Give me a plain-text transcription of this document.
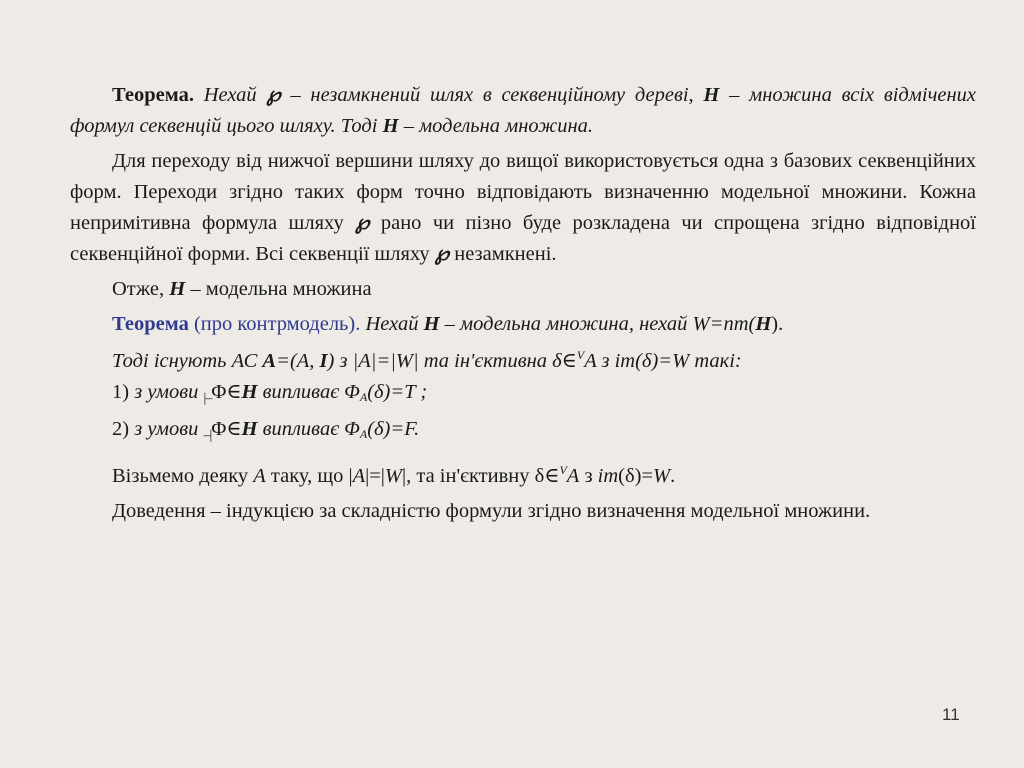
Теорема. Нехай ℘ – незамкнений шлях в секвенційному дереві, H – множина всіх відмічених формул секвенцій цього шляху. Тоді H – модельна множина.

Для переходу від нижчої вершини шляху до вищої використовується одна з базових секвенційних форм. Переходи згідно таких форм точно відповідають визначенню модельної множини. Кожна непримітивна формула шляху ℘ рано чи пізно буде розкладена чи спрощена згідно відповідної секвенційної форми. Всі секвенції шляху ℘ незамкнені.

Отже, H – модельна множина

Теорема (про контрмодель). Нехай H – модельна множина, нехай W=nm(H).

Тоді існують АС A=(A, I) з |A|=|W| та ін'єктивна δ∈$^V$A з im(δ)=W такі:

1) з умови |–Φ∈H випливає $\Phi_A(\delta)=T$ ;

2) з умови –|Φ∈H випливає $\Phi_A(\delta)=F$.

Візьмемо деяку A таку, що |A|=|W|, та ін'єктивну δ∈$^V$A з im(δ)=W.

Доведення – індукцією за складністю формули згідно визначення модельної множини.

11
